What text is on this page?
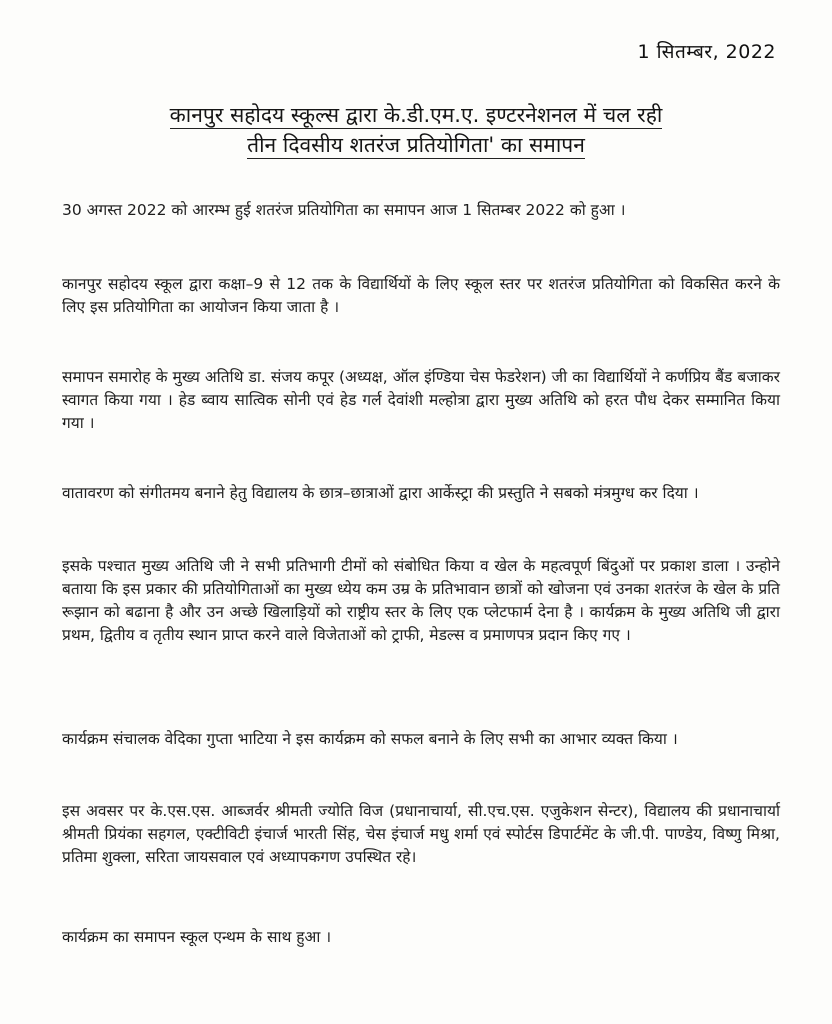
1 सितम्बर, 2022
कानपुर सहोदय स्कूल्स द्वारा के.डी.एम.ए. इण्टरनेशनल में चल रही
तीन दिवसीय शतरंज प्रतियोगिता' का समापन

30 अगस्त 2022 को आरम्भ हुई शतरंज प्रतियोगिता का समापन आज 1 सितम्बर 2022 को हुआ ।

कानपुर सहोदय स्कूल द्वारा कक्षा–9 से 12 तक के विद्यार्थियों के लिए स्कूल स्तर पर शतरंज प्रतियोगिता को विकसित करने के लिए इस प्रतियोगिता का आयोजन किया जाता है ।

समापन समारोह के मुख्य अतिथि डा. संजय कपूर (अध्यक्ष, ऑल इंण्डिया चेस फेडरेशन) जी का विद्यार्थियों ने कर्णप्रिय बैंड बजाकर स्वागत किया गया । हेड ब्वाय सात्विक सोनी एवं हेड गर्ल देवांशी मल्होत्रा द्वारा मुख्य अतिथि को हरत पौध देकर सम्मानित किया गया ।

वातावरण को संगीतमय बनाने हेतु विद्यालय के छात्र–छात्राओं द्वारा आर्केस्ट्रा की प्रस्तुति ने सबको मंत्रमुग्ध कर दिया ।

इसके पश्चात मुख्य अतिथि जी ने सभी प्रतिभागी टीमों को संबोधित किया व खेल के महत्वपूर्ण बिंदुओं पर प्रकाश डाला । उन्होने बताया कि इस प्रकार की प्रतियोगिताओं का मुख्य ध्येय कम उम्र के प्रतिभावान छात्रों को खोजना एवं उनका शतरंज के खेल के प्रति रूझान को बढाना है और उन अच्छे खिलाड़ियों को राष्ट्रीय स्तर के लिए एक प्लेटफार्म देना है । कार्यक्रम के मुख्य अतिथि जी द्वारा प्रथम, द्वितीय व तृतीय स्थान प्राप्त करने वाले विजेताओं को ट्राफी, मेडल्स व प्रमाणपत्र प्रदान किए गए ।

कार्यक्रम संचालक वेदिका गुप्ता भाटिया ने इस कार्यक्रम को सफल बनाने के लिए सभी का आभार व्यक्त किया ।

इस अवसर पर के.एस.एस. आब्जर्वर श्रीमती ज्योति विज (प्रधानाचार्या, सी.एच.एस. एजुकेशन सेन्टर), विद्यालय की प्रधानाचार्या श्रीमती प्रियंका सहगल, एक्टीविटी इंचार्ज भारती सिंह, चेस इंचार्ज मधु शर्मा एवं स्पोर्टस डिपार्टमेंट के जी.पी. पाण्डेय, विष्णु मिश्रा, प्रतिमा शुक्ला, सरिता जायसवाल एवं अध्यापकगण उपस्थित रहे।

कार्यक्रम का समापन स्कूल एन्थम के साथ हुआ ।
